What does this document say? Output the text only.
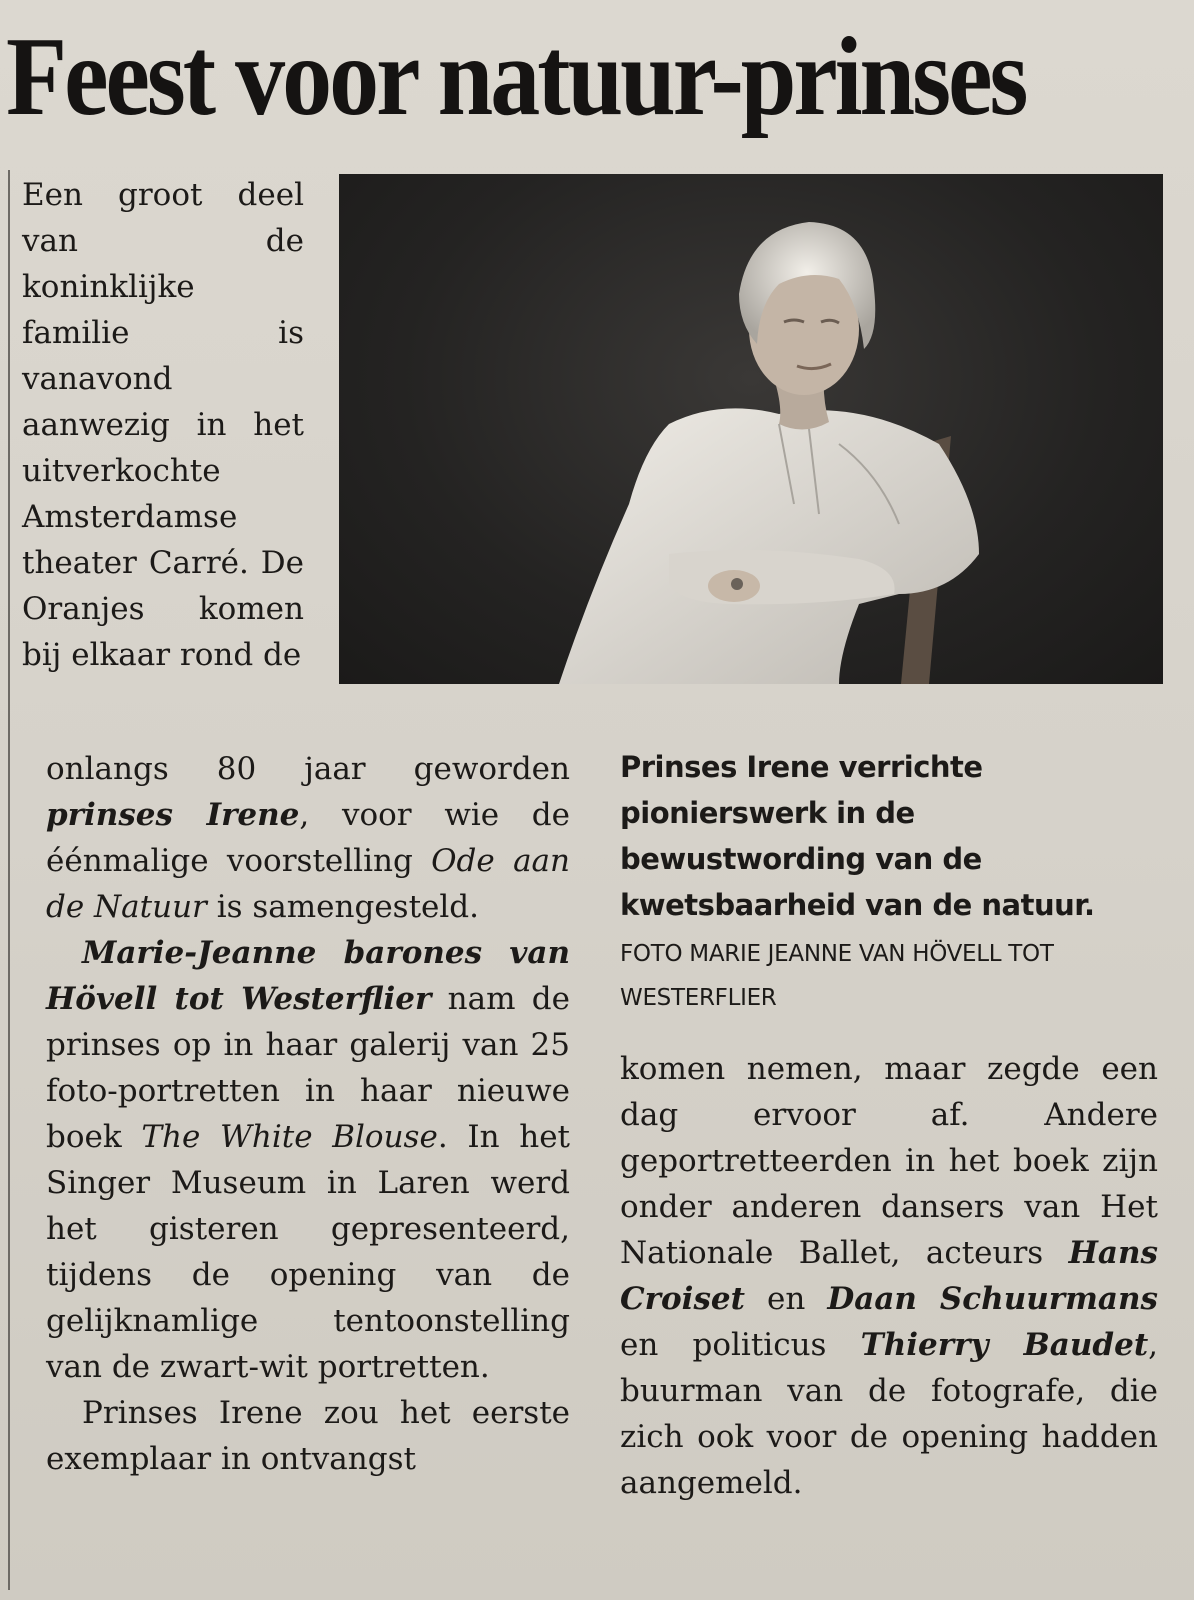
Feest voor natuur-prinses

Een groot deel van de koninklijke familie is vanavond aanwezig in het uitverkochte Amsterdamse theater Carré. De Oranjes komen bij elkaar rond de

onlangs 80 jaar geworden prinses Irene, voor wie de éénmalige voorstelling Ode aan de Natuur is samengesteld.

Marie-Jeanne barones van Hövell tot Westerflier nam de prinses op in haar galerij van 25 foto-portretten in haar nieuwe boek The White Blouse. In het Singer Museum in Laren werd het gisteren gepresenteerd, tijdens de opening van de gelijknamlige tentoonstelling van de zwart-wit portretten.

Prinses Irene zou het eerste exemplaar in ontvangst

Prinses Irene verrichte pionierswerk in de bewustwording van de kwetsbaarheid van de natuur.
FOTO MARIE JEANNE VAN HÖVELL TOT WESTERFLIER

komen nemen, maar zegde een dag ervoor af. Andere geportretteerden in het boek zijn onder anderen dansers van Het Nationale Ballet, acteurs Hans Croiset en Daan Schuurmans en politicus Thierry Baudet, buurman van de fotografe, die zich ook voor de opening hadden aangemeld.
